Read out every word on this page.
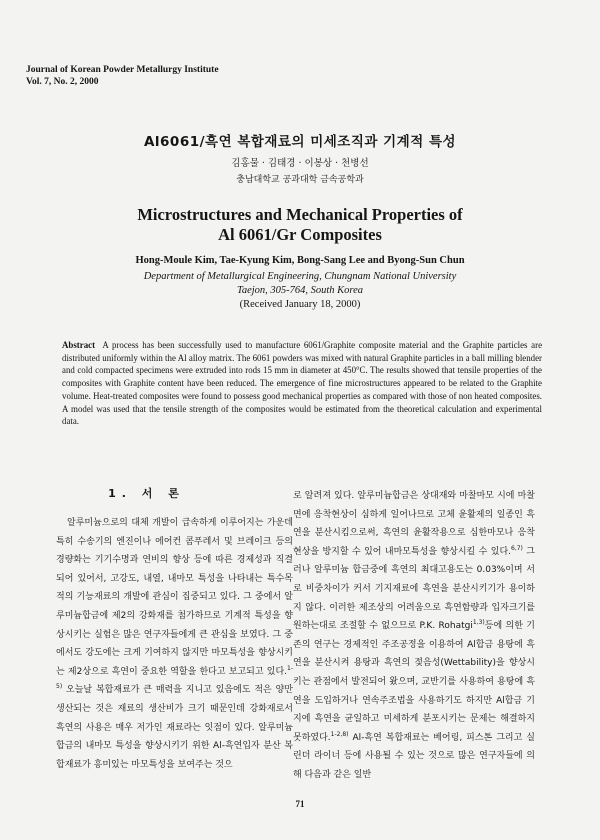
Journal of Korean Powder Metallurgy Institute
Vol. 7, No. 2, 2000
Al6061/흑연 복합재료의 미세조직과 기계적 특성
김홍물 · 김태경 · 이봉상 · 천병선
충남대학교 공과대학 금속공학과
Microstructures and Mechanical Properties of
Al 6061/Gr Composites
Hong-Moule Kim, Tae-Kyung Kim, Bong-Sang Lee and Byong-Sun Chun
Department of Metallurgical Engineering, Chungnam National University
Taejon, 305-764, South Korea
(Received January 18, 2000)
Abstract A process has been successfully used to manufacture 6061/Graphite composite material and the Graphite particles are distributed uniformly within the Al alloy matrix. The 6061 powders was mixed with natural Graphite particles in a ball milling blender and cold compacted specimens were extruded into rods 15 mm in diameter at 450°C. The results showed that tensile properties of the composites with Graphite content have been reduced. The emergence of fine microstructures appeared to be related to the Graphite volume. Heat-treated composites were found to possess good mechanical properties as compared with those of non heated composites. A model was used that the tensile strength of the composites would be estimated from the theoretical calculation and experimental data.
1. 서 론

알루미늄으로의 대체 개발이 급속하게 이루어지는 가운데 특히 수송기의 엔진이나 에어컨 콤푸레서 및 브레이크 등의 경량화는 기기수명과 연비의 향상 등에 따른 경제성과 직결되어 있어서, 고강도, 내열, 내마모 특성을 나타내는 특수목적의 기능재료의 개발에 관심이 집중되고 있다. 그 중에서 알루미늄합금에 제2의 강화재를 첨가하므로 기계적 특성을 향상시키는 실험은 많은 연구자들에게 큰 관심을 보였다. 그 중에서도 강도에는 크게 기여하지 않지만 마모특성을 향상시키는 제2상으로 흑연이 중요한 역할을 한다고 보고되고 있다.$^{1-5)}$ 오늘날 복합재료가 큰 매력을 지니고 있음에도 적은 양만 생산되는 것은 재료의 생산비가 크기 때문인데 강화재로서 흑연의 사용은 매우 저가인 재료라는 잇점이 있다. 알루미늄합금의 내마모 특성을 향상시키기 위한 Al-흑연입자 분산 복합재료가 흥미있는 마모특성을 보여주는 것으

로 알려져 있다. 알루미늄합금은 상대재와 마찰마모 시에 마찰면에 응착현상이 심하게 일어나므로 고체 윤활제의 일종인 흑연을 분산시킴으로써, 흑연의 윤활작용으로 심한마모나 응착현상을 방지할 수 있어 내마모특성을 향상시킬 수 있다.$^{6,7)}$ 그러나 알루미늄 합금중에 흑연의 최대고용도는 0.03%이며 서로 비중차이가 커서 기지재료에 흑연을 분산시키기가 용이하지 않다. 이러한 제조상의 어려움으로 흑연함량과 입자크기를 원하는대로 조절할 수 없으므로 P.K. Rohatgi$^{1,3)}$등에 의한 기존의 연구는 경제적인 주조공정을 이용하여 Al합금 용탕에 흑연을 분산시켜 용탕과 흑연의 젖음성(Wettability)을 향상시키는 관점에서 발전되어 왔으며, 교반기를 사용하여 용탕에 흑연을 도입하거나 연속주조법을 사용하기도 하지만 Al합금 기지에 흑연을 균일하고 미세하게 분포시키는 문제는 해결하지 못하였다.$^{1-2,8)}$ Al-흑연 복합재료는 베어링, 피스톤 그리고 실린더 라이너 등에 사용될 수 있는 것으로 많은 연구자들에 의해 다음과 같은 일반

71
